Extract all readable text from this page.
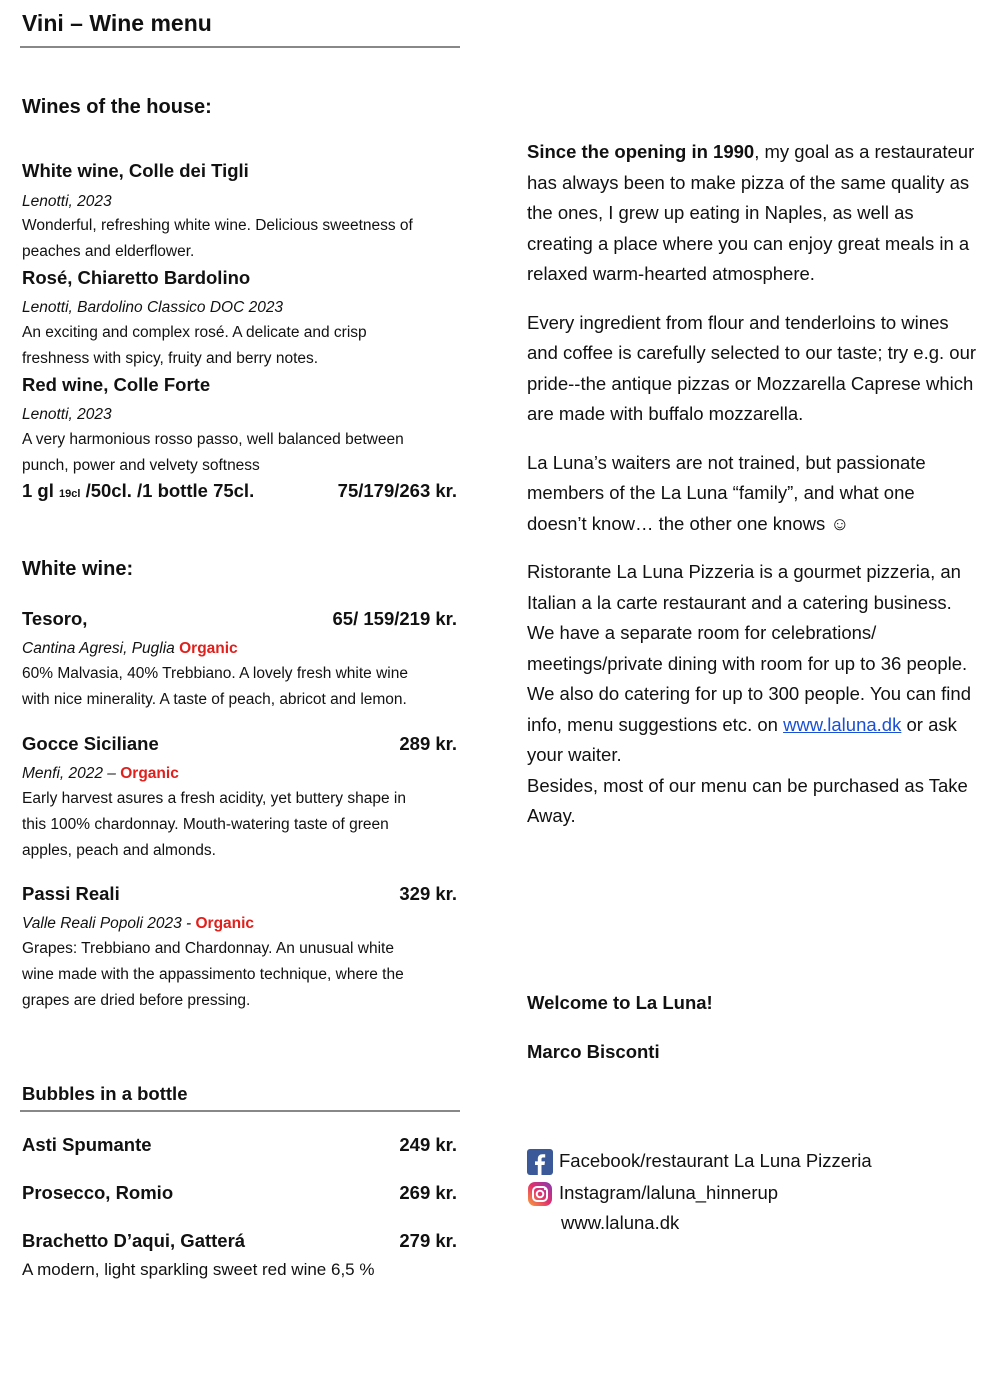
Vini – Wine menu
Wines of the house:
White wine, Colle dei Tigli
Lenotti, 2023
Wonderful, refreshing white wine. Delicious sweetness of
peaches and elderflower.
Rosé, Chiaretto Bardolino
Lenotti, Bardolino Classico DOC 2023
An exciting and complex rosé. A delicate and crisp
freshness with spicy, fruity and berry notes.
Red wine, Colle Forte
Lenotti, 2023
A very harmonious rosso passo, well balanced between
punch, power and velvety softness
1 gl 19cl /50cl. /1 bottle 75cl.	75/179/263 kr.
White wine:
Tesoro,	65/ 159/219 kr.
Cantina Agresi, Puglia Organic
60% Malvasia, 40% Trebbiano. A lovely fresh white wine
with nice minerality. A taste of peach, abricot and lemon.
Gocce Siciliane	289 kr.
Menfi, 2022 – Organic
Early harvest asures a fresh acidity, yet buttery shape in
this 100% chardonnay. Mouth-watering taste of green
apples, peach and almonds.
Passi Reali	329 kr.
Valle Reali Popoli 2023 - Organic
Grapes: Trebbiano and Chardonnay. An unusual white
wine made with the appassimento technique, where the
grapes are dried before pressing.
Bubbles in a bottle
Asti Spumante	249 kr.
Prosecco, Romio	269 kr.
Brachetto D’aqui, Gatterá	279 kr.
A modern, light sparkling sweet red wine 6,5 %

Since the opening in 1990, my goal as a restaurateur has always been to make pizza of the same quality as the ones, I grew up eating in Naples, as well as creating a place where you can enjoy great meals in a relaxed warm-hearted atmosphere.

Every ingredient from flour and tenderloins to wines and coffee is carefully selected to our taste; try e.g. our pride--the antique pizzas or Mozzarella Caprese which are made with buffalo mozzarella.

La Luna’s waiters are not trained, but passionate members of the La Luna “family”, and what one doesn’t know… the other one knows ☺

Ristorante La Luna Pizzeria is a gourmet pizzeria, an Italian a la carte restaurant and a catering business.

We have a separate room for celebrations/ meetings/private dining with room for up to 36 people. We also do catering for up to 300 people. You can find info, menu suggestions etc. on www.laluna.dk or ask your waiter.

Besides, most of our menu can be purchased as Take Away.

Welcome to La Luna!
Marco Bisconti
Facebook/restaurant La Luna Pizzeria
Instagram/laluna_hinnerup
www.laluna.dk
